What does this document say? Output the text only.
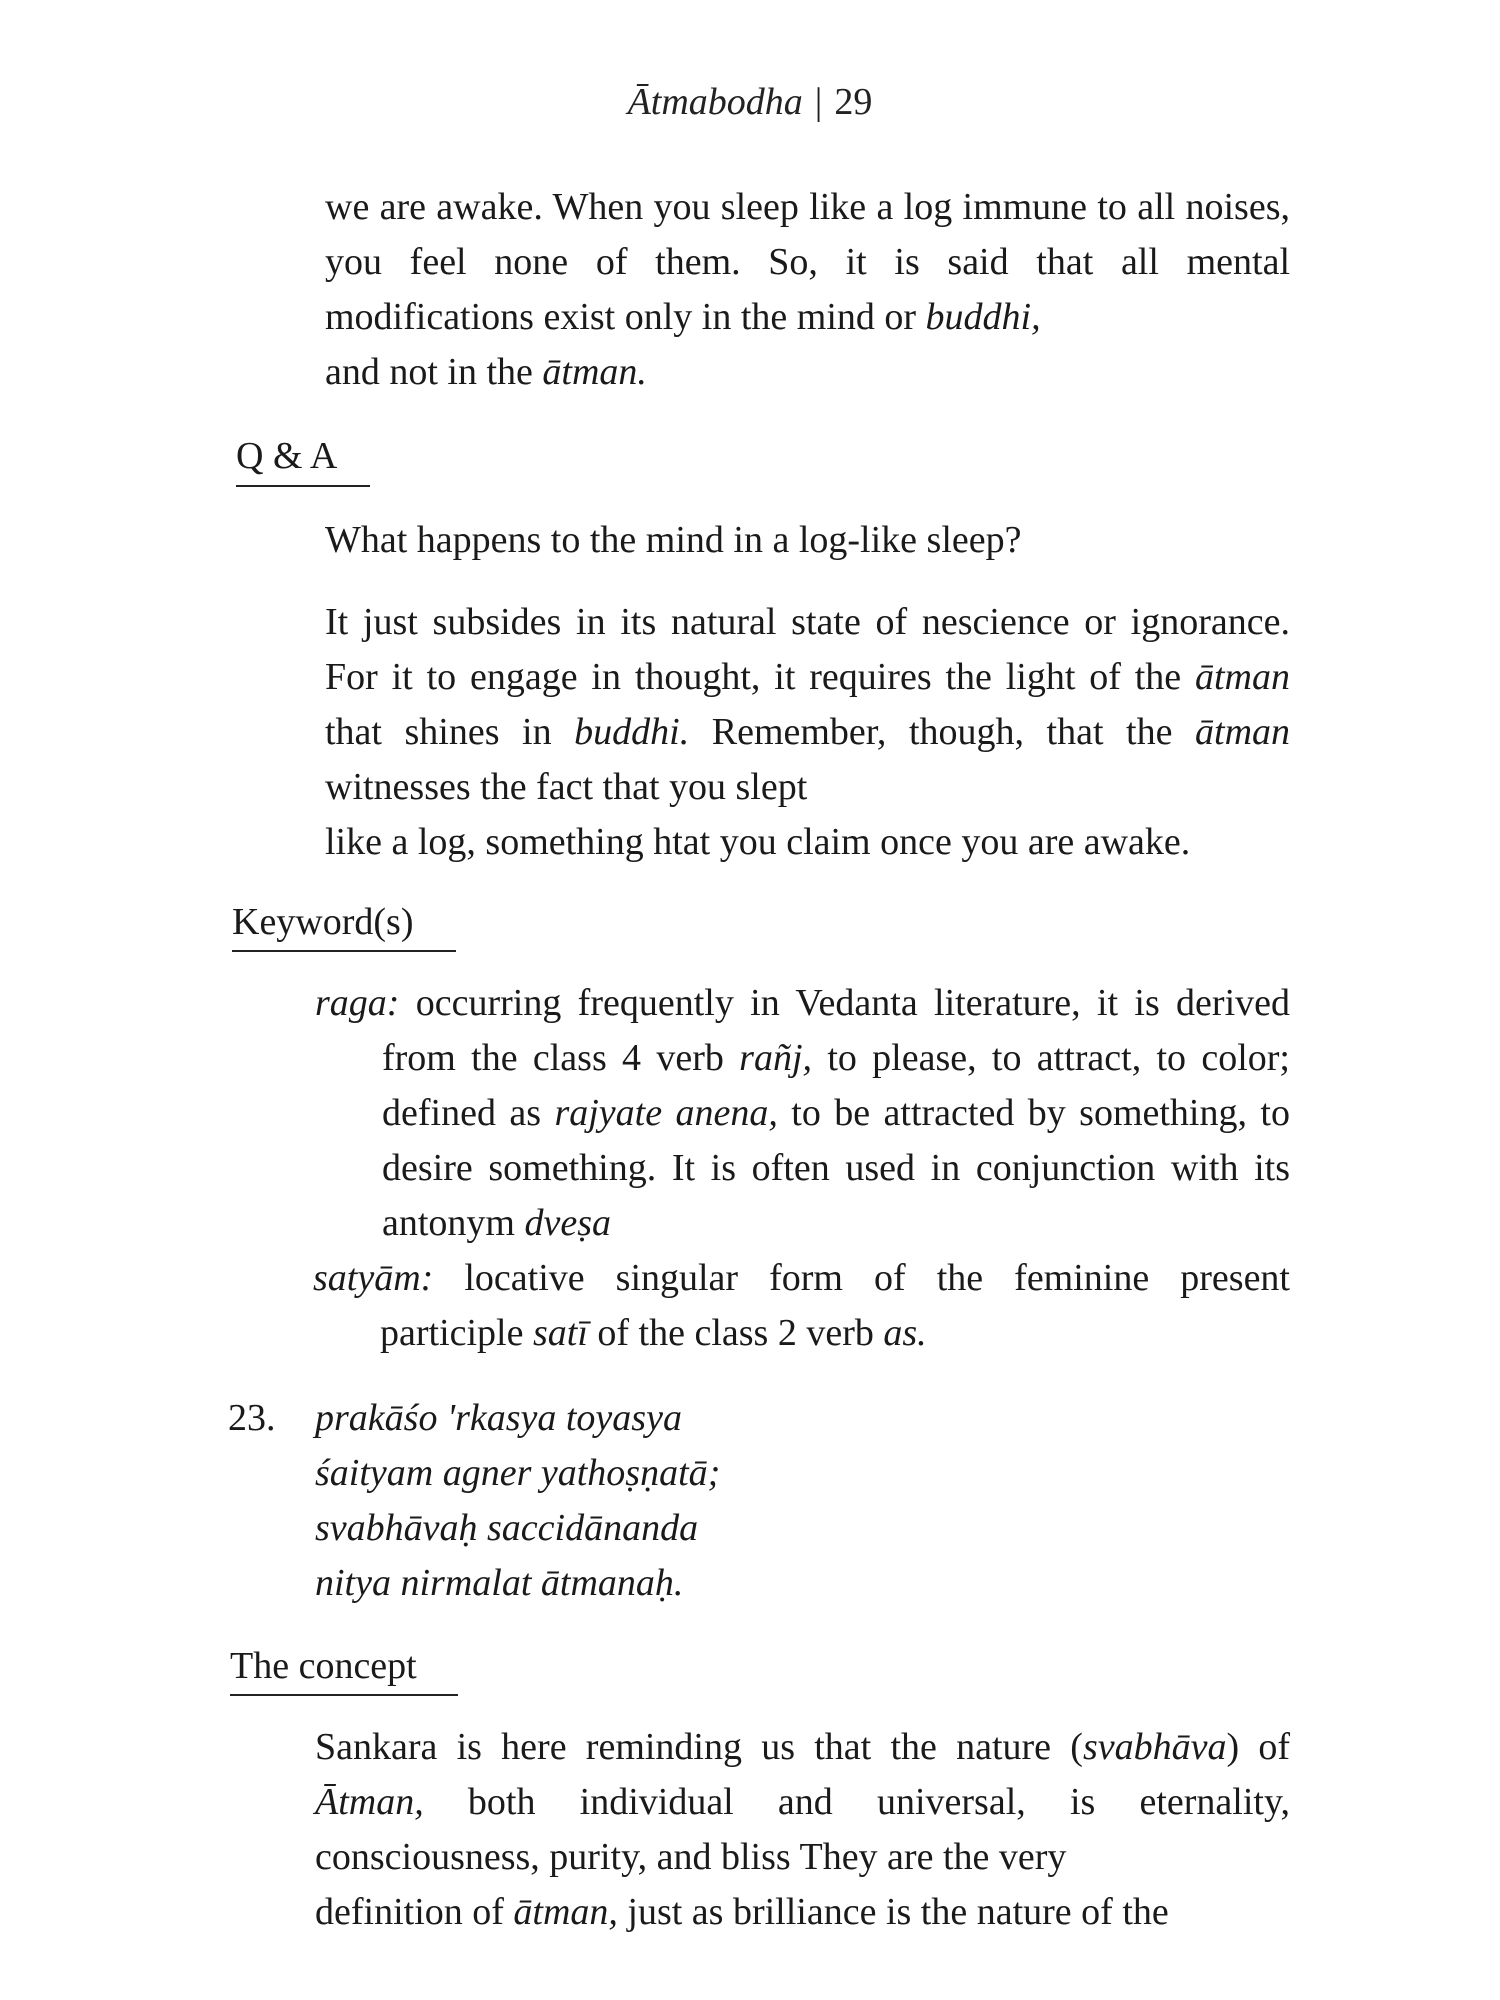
Ātmabodha | 29

we are awake. When you sleep like a log immune to all noises, you feel none of them. So, it is said that all mental modifications exist only in the mind or buddhi,
and not in the ātman.

Q & A

What happens to the mind in a log-like sleep?

It just subsides in its natural state of nescience or ignorance. For it to engage in thought, it requires the light of the ātman that shines in buddhi. Remember, though, that the ātman witnesses the fact that you slept
like a log, something htat you claim once you are awake.

Keyword(s)

raga: occurring frequently in Vedanta literature, it is derived from the class 4 verb rañj, to please, to attract, to color; defined as rajyate anena, to be attracted by something, to desire something. It is often used in conjunction with its antonym dveṣa

satyām: locative singular form of the feminine present participle satī of the class 2 verb as.

23. prakāśo 'rkasya toyasya
śaityam agner yathoṣṇatā;
svabhāvaḥ saccidānanda
nitya nirmalat ātmanaḥ.

The concept

Sankara is here reminding us that the nature (svabhāva) of Ātman, both individual and universal, is eternality, consciousness, purity, and bliss They are the very
definition of ātman, just as brilliance is the nature of the
